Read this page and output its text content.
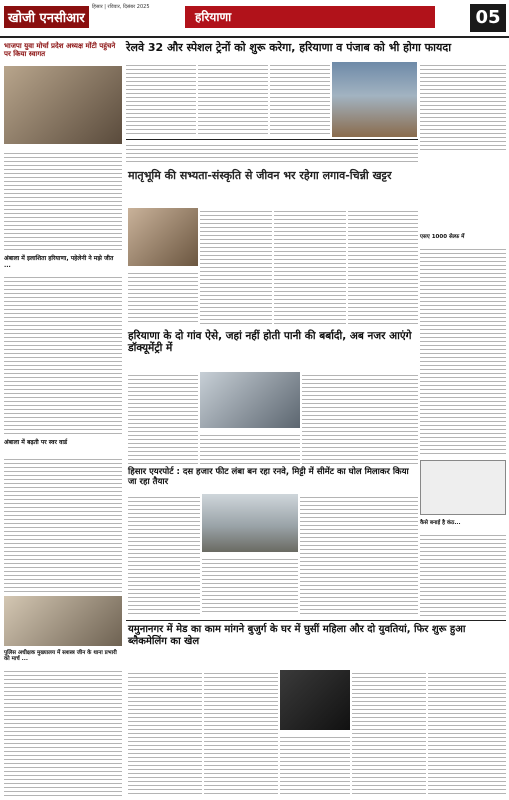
खोजी एनसीआर
हिसार | रविवार, दिसंबर 2025
हरियाणा	05
भाजपा युवा मोर्चा प्रदेश अध्यक्ष मोंटी पहुंचने पर किया स्वागत
रेलवे 32 और स्पेशल ट्रेनों को शुरू करेगा, हरियाणा व पंजाब को भी होगा फायदा
मातृभूमि की सभ्यता-संस्कृति से जीवन भर रहेगा लगाव-चिन्नी खट्टर
एसए 1000 सेल्फ़ में
कैसे बनाई है कंठ...
अंबाला में इलाशिता हरियाणा, पहेलेनी ने मझे जीत ...
अंबाला में बढ़ती पर स्वर वार्ड
हरियाणा के दो गांव ऐसे, जहां नहीं होती पानी की बर्बादी, अब नजर आएंगे डॉक्यूमेंट्री में
हिसार एयरपोर्ट : दस हजार फीट लंबा बन रहा रनवे, मिट्टी में सीमेंट का घोल मिलाकर किया जा रहा तैयार
पुलिस अधीक्षक मुख्यालय में सशस्त्र जीन के थाना प्रभारी को मार्च ...
यमुनानगर में मेड का काम मांगने बुजुर्ग के घर में घुसीं महिला और दो युवतियां, फिर शुरू हुआ ब्लैकमेलिंग का खेल
